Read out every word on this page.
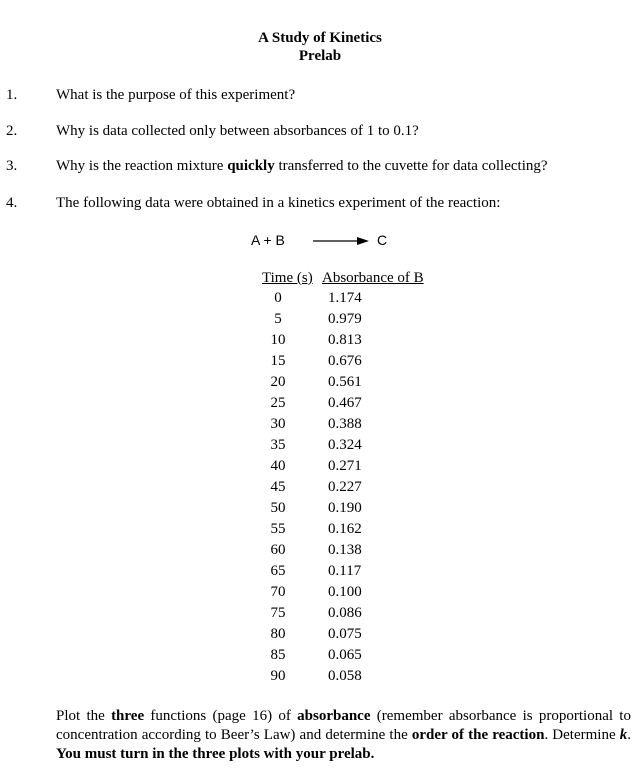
A Study of Kinetics
Prelab
1.	What is the purpose of this experiment?
2.	Why is data collected only between absorbances of 1 to 0.1?
3.	Why is the reaction mixture quickly transferred to the cuvette for data collecting?
4.	The following data were obtained in a kinetics experiment of the reaction:
A + B	C
Time (s) Absorbance of B
0	1.174
5	0.979
10	0.813
15	0.676
20	0.561
25	0.467
30	0.388
35	0.324
40	0.271
45	0.227
50	0.190
55	0.162
60	0.138
65	0.117
70	0.100
75	0.086
80	0.075
85	0.065
90	0.058
Plot the three functions (page 16) of absorbance (remember absorbance is proportional to concentration according to Beer’s Law) and determine the order of the reaction. Determine k. You must turn in the three plots with your prelab.
